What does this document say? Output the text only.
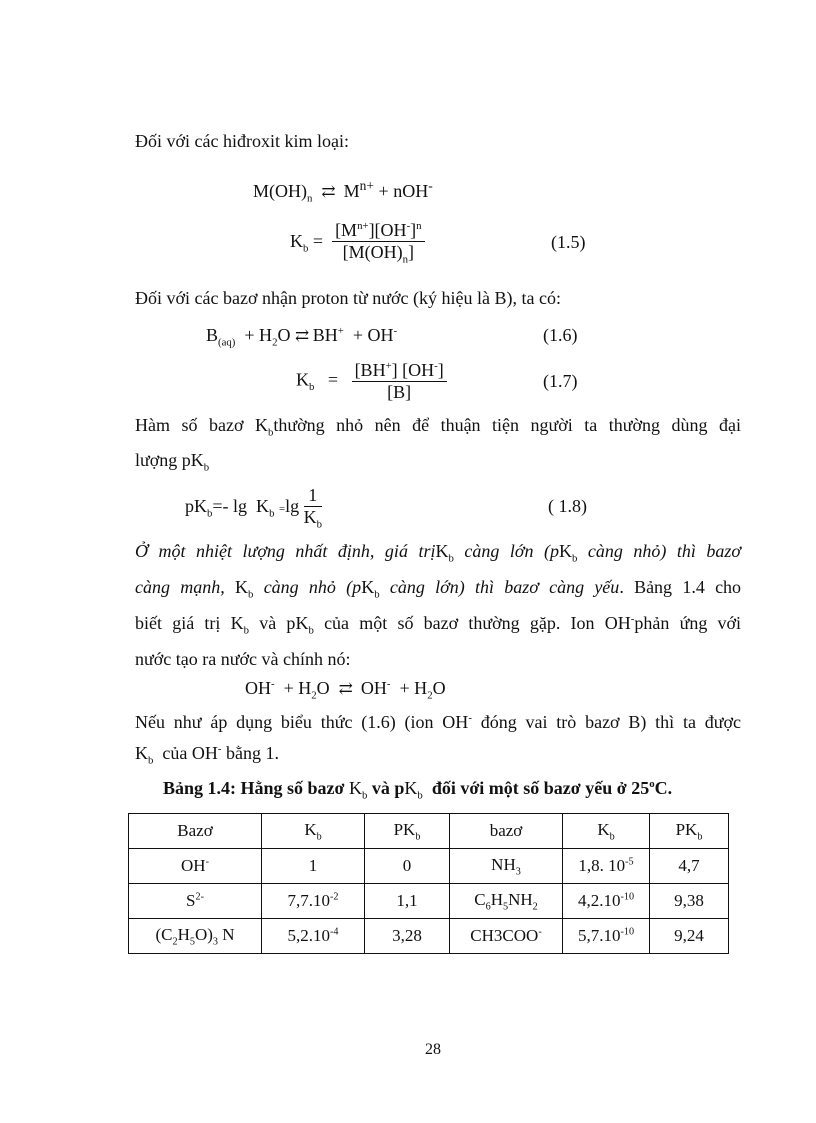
Đối với các hiđroxit kim loại:
$M(OH)_n$ ⇄  $M^{n+} + nOH^-$
$K_b = \frac{[M^{n+}][OH^-]^n}{[M(OH)_n]}$	(1.5)
Đối với các bazơ nhận proton từ nước (ký hiệu là B), ta có:
$B_{(aq)} + H_2O$ ⇄ BH+  + OH-	(1.6)
$K_b = \frac{[BH^+] [OH^-]}{[B]}$	(1.7)
Hàm số bazơ $K_bthường$ nhỏ nên để thuận tiện người ta thường dùng đại
lượng $pK_b$
$pK_b=-$ $\lg K_b =\lg \frac{1}{K_b}$	( 1.8)
Ở một nhiệt lượng nhất định, giá trịK$_b$ càng lớn ($pK_b$ càng nhỏ) thì bazơ
càng mạnh, $K_b$ càng nhỏ ($pK_b$ càng lớn) thì bazơ càng yếu. Bảng 1.4 cho
biết giá trị $K_b$ và $pK_b$ của một số bazơ thường gặp. Ion OH-phản ứng với
nước tạo ra nước và chính nó:
$OH^- + H_2O$  ⇄  $OH^- + H_2O$
Nếu như áp dụng biểu thức (1.6) (ion OH- đóng vai trò bazơ B) thì ta được
$K_b$ của OH- bằng 1.
Bảng 1.4: Hằng số bazơ $K_b$ và $pK_b$ đối với một số bazơ yếu ở 25$^o$C.
Bazơ	$K_b$	$PK_b$	bazơ	$K_b$	$PK_b$
OH-	1	0	$NH_3$	1,8. $10^{-5}$	4,7
$S^{2-}$	$7,7.10^{-2}$	1,1	$C_6H_5NH_2$	$4,2.10^{-10}$	9,38
$(C_2H_5O)_3$ N	$5,2.10^{-4}$	3,28	CH3COO-	$5,7.10^{-10}$	9,24
28
